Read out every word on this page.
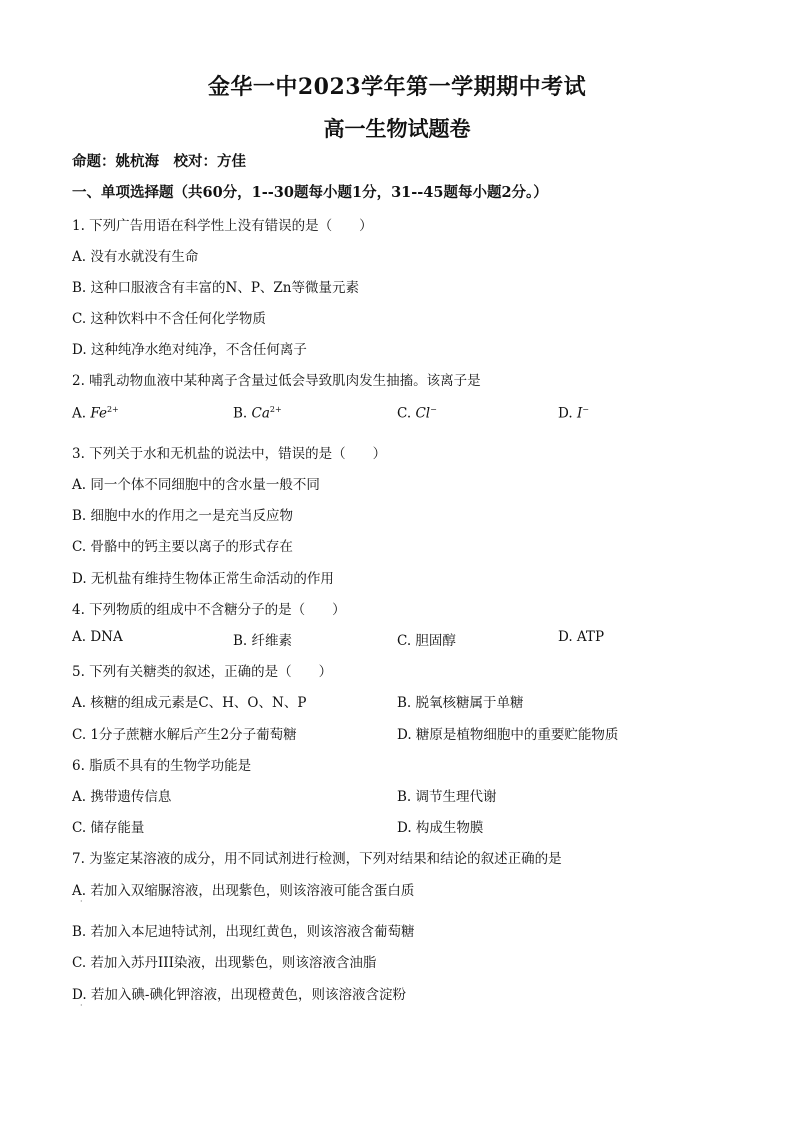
金华一中2023学年第一学期期中考试
高一生物试题卷
命题：姚杭海　校对：方佳
一、单项选择题（共60分，1--30题每小题1分，31--45题每小题2分。）
1. 下列广告用语在科学性上没有错误的是（　　）
A. 没有水就没有生命
B. 这种口服液含有丰富的N、P、Zn等微量元素
C. 这种饮料中不含任何化学物质
D. 这种纯净水绝对纯净，不含任何离子
2. 哺乳动物血液中某种离子含量过低会导致肌肉发生抽搐。该离子是
A. $Fe^{2+}$	B. $Ca^{2+}$	C. Cl−	D. I−
3. 下列关于水和无机盐的说法中，错误的是（　　）
A. 同一个体不同细胞中的含水量一般不同
B. 细胞中水的作用之一是充当反应物
C. 骨骼中的钙主要以离子的形式存在
D. 无机盐有维持生物体正常生命活动的作用
4. 下列物质的组成中不含糖分子的是（　　）
A. DNA	B. 纤维素	C. 胆固醇	D. ATP
5. 下列有关糖类的叙述，正确的是（　　）
A. 核糖的组成元素是C、H、O、N、P	B. 脱氧核糖属于单糖
C. 1分子蔗糖水解后产生2分子葡萄糖	D. 糖原是植物细胞中的重要贮能物质
6. 脂质不具有的生物学功能是
A. 携带遗传信息	B. 调节生理代谢
C. 储存能量	D. 构成生物膜
7. 为鉴定某溶液的成分，用不同试剂进行检测，下列对结果和结论的叙述正确的是
A. 若加入双缩脲溶液，出现紫色，则该溶液可能含蛋白质
·
B. 若加入本尼迪特试剂，出现红黄色，则该溶液含葡萄糖
C. 若加入苏丹III染液，出现紫色，则该溶液含油脂
D. 若加入碘-碘化钾溶液，出现橙黄色，则该溶液含淀粉
·
